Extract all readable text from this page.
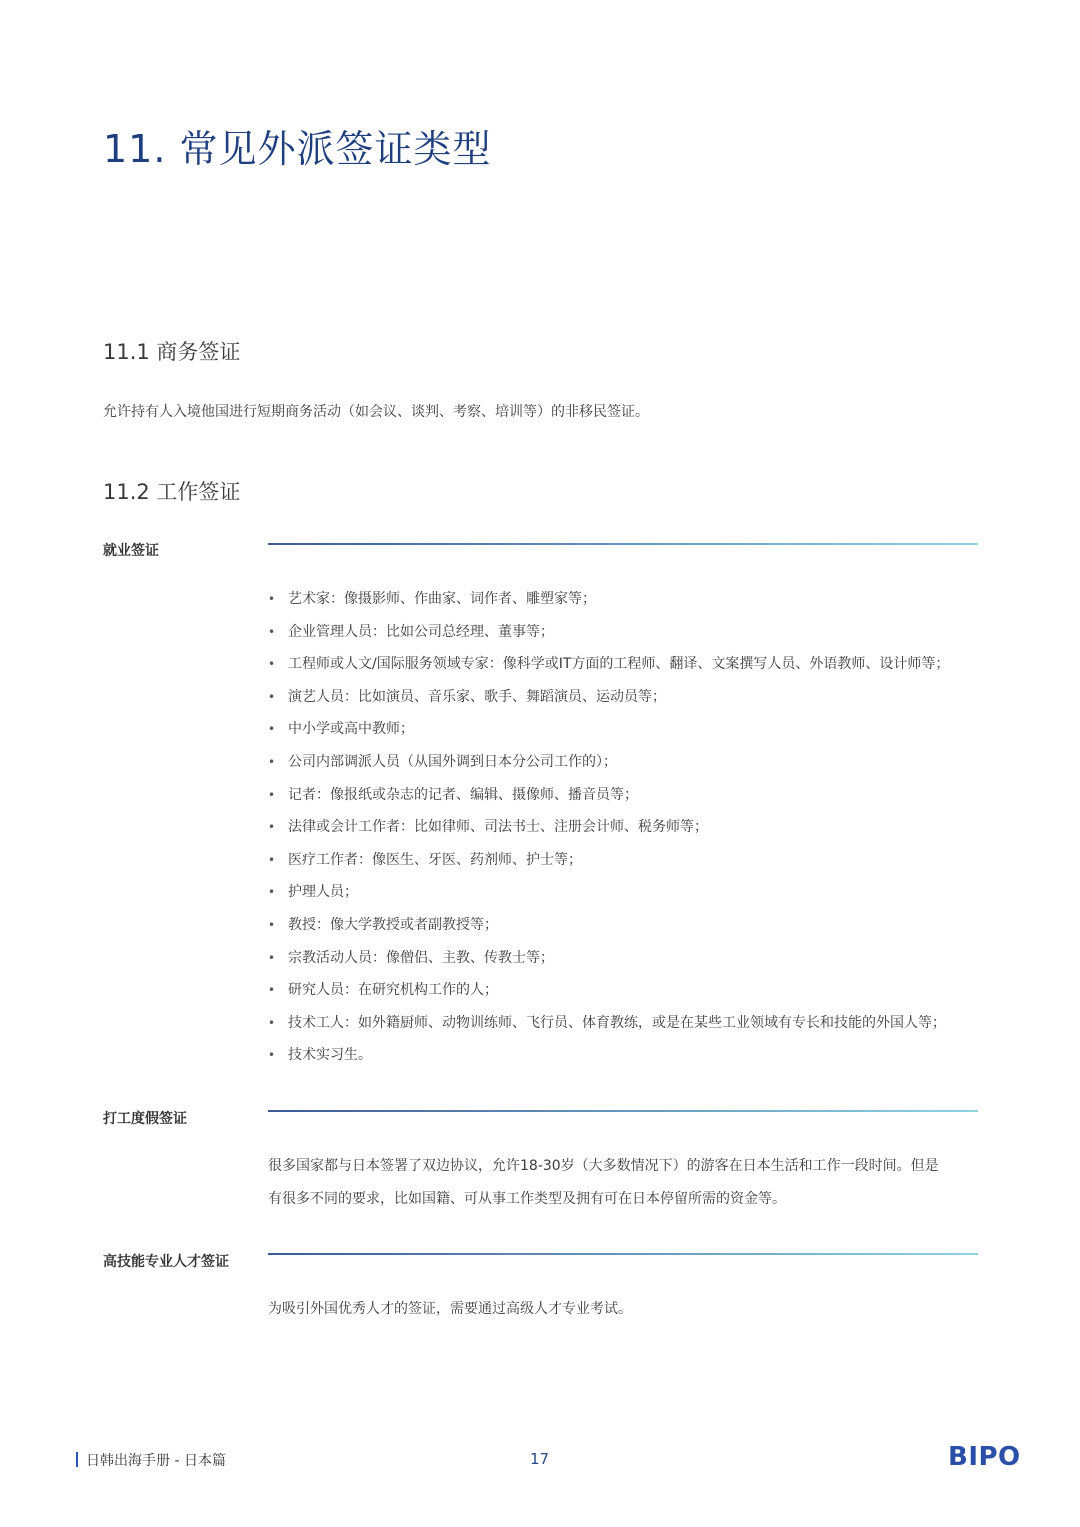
11. 常见外派签证类型
11.1 商务签证

允许持有人入境他国进行短期商务活动（如会议、谈判、考察、培训等）的非移民签证。

11.2 工作签证
就业签证
• 艺术家：像摄影师、作曲家、词作者、雕塑家等；
• 企业管理人员：比如公司总经理、董事等；
• 工程师或人文/国际服务领域专家：像科学或IT方面的工程师、翻译、文案撰写人员、外语教师、设计师等；
• 演艺人员：比如演员、音乐家、歌手、舞蹈演员、运动员等；
• 中小学或高中教师；
• 公司内部调派人员（从国外调到日本分公司工作的）；
• 记者：像报纸或杂志的记者、编辑、摄像师、播音员等；
• 法律或会计工作者：比如律师、司法书士、注册会计师、税务师等；
• 医疗工作者：像医生、牙医、药剂师、护士等；
• 护理人员；
• 教授：像大学教授或者副教授等；
• 宗教活动人员：像僧侣、主教、传教士等；
• 研究人员：在研究机构工作的人；
• 技术工人：如外籍厨师、动物训练师、飞行员、体育教练，或是在某些工业领域有专长和技能的外国人等；
• 技术实习生。
打工度假签证

很多国家都与日本签署了双边协议，允许18-30岁（大多数情况下）的游客在日本生活和工作一段时间。但是
有很多不同的要求，比如国籍、可从事工作类型及拥有可在日本停留所需的资金等。

高技能专业人才签证

为吸引外国优秀人才的签证，需要通过高级人才专业考试。

日韩出海手册 - 日本篇	17	BIPO
